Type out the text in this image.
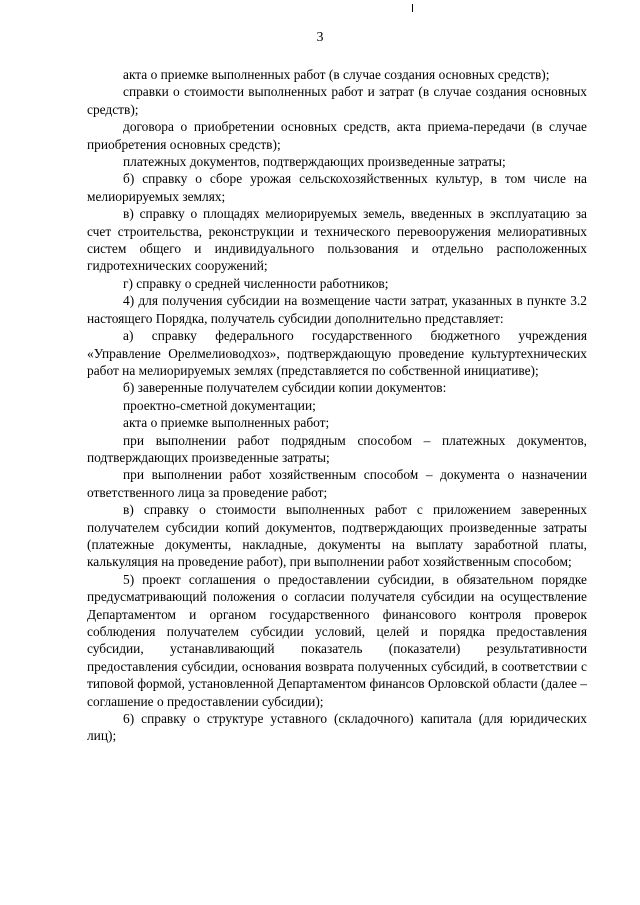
3

акта о приемке выполненных работ (в случае создания основных средств);

справки о стоимости выполненных работ и затрат (в случае создания основных средств);

договора о приобретении основных средств, акта приема-передачи (в случае приобретения основных средств);

платежных документов, подтверждающих произведенные затраты;

б) справку о сборе урожая сельскохозяйственных культур, в том числе на мелиорируемых землях;

в) справку о площадях мелиорируемых земель, введенных в эксплуатацию за счет строительства, реконструкции и технического перевооружения мелиоративных систем общего и индивидуального пользования и отдельно расположенных гидротехнических сооружений;

г) справку о средней численности работников;

4) для получения субсидии на возмещение части затрат, указанных в пункте 3.2 настоящего Порядка, получатель субсидии дополнительно представляет:

а) справку федерального государственного бюджетного учреждения «Управление Орелмелиоводхоз», подтверждающую проведение культуртехнических работ на мелиорируемых землях (представляется по собственной инициативе);

б) заверенные получателем субсидии копии документов:

проектно-сметной документации;

акта о приемке выполненных работ;

при выполнении работ подрядным способом – платежных документов, подтверждающих произведенные затраты;

при выполнении работ хозяйственным способом – документа о назначении ответственного лица за проведение работ;

в) справку о стоимости выполненных работ с приложением заверенных получателем субсидии копий документов, подтверждающих произведенные затраты (платежные документы, накладные, документы на выплату заработной платы, калькуляция на проведение работ), при выполнении работ хозяйственным способом;

5) проект соглашения о предоставлении субсидии, в обязательном порядке предусматривающий положения о согласии получателя субсидии на осуществление Департаментом и органом государственного финансового контроля проверок соблюдения получателем субсидии условий, целей и порядка предоставления субсидии, устанавливающий показатель (показатели) результативности предоставления субсидии, основания возврата полученных субсидий, в соответствии с типовой формой, установленной Департаментом финансов Орловской области (далее – соглашение о предоставлении субсидии);

6) справку о структуре уставного (складочного) капитала (для юридических лиц);
